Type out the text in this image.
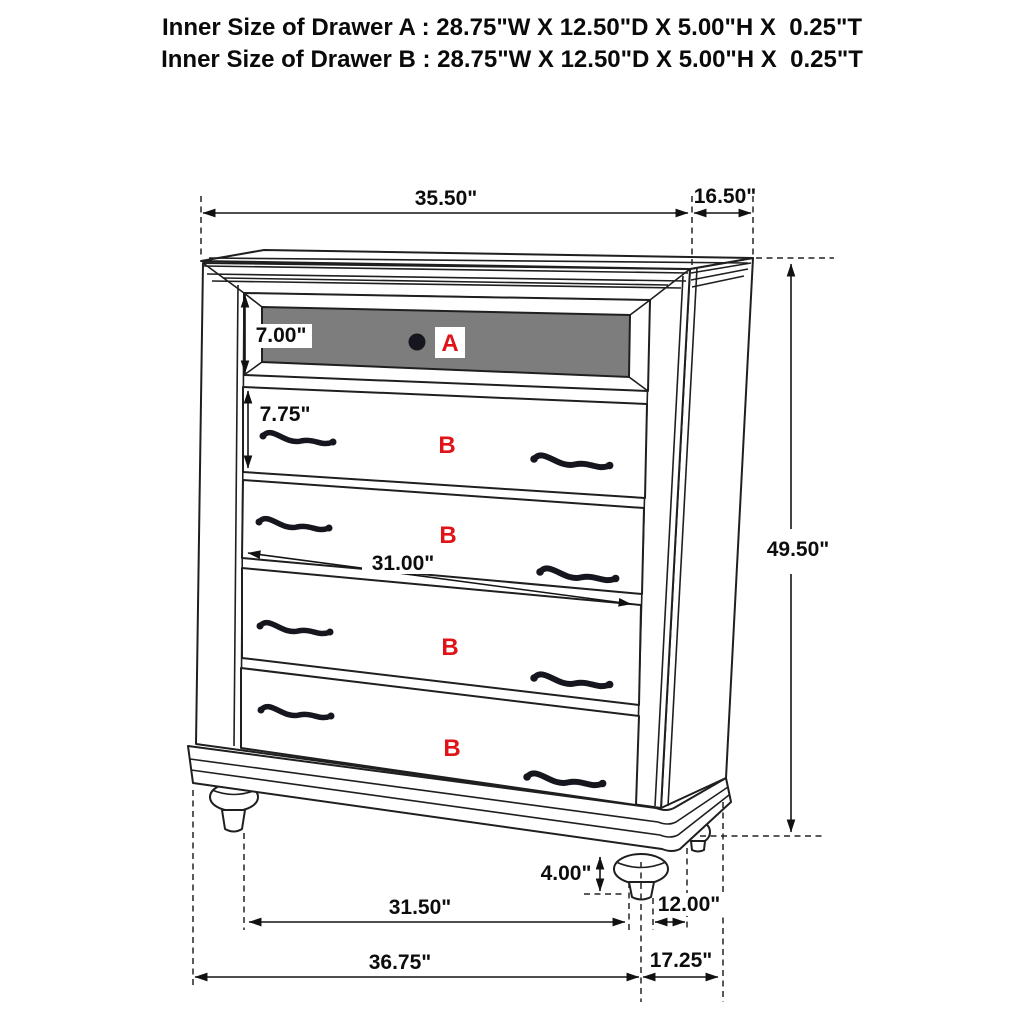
Inner Size of Drawer A : 28.75"W X 12.50"D X 5.00"H X  0.25"T
Inner Size of Drawer B : 28.75"W X 12.50"D X 5.00"H X  0.25"T
A
B
B
B
B
35.50"	16.50"
7.00"
7.75"
31.00"
49.50"
4.00"
31.50"	12.00"
36.75"	17.25"
